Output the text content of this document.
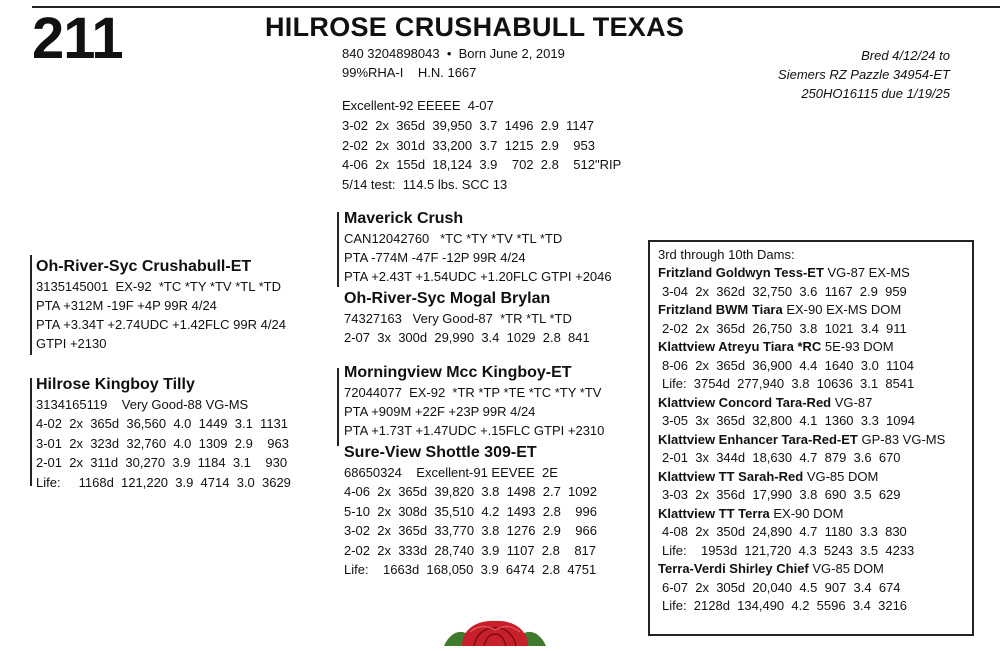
211	HILROSE CRUSHABULL TEXAS
840 3204898043  •  Born June 2, 2019
99%RHA-I    H.N. 1667
Excellent-92 EEEEE  4-07
3-02  2x  365d  39,950  3.7  1496  2.9  1147
2-02  2x  301d  33,200  3.7  1215  2.9    953
4-06  2x  155d  18,124  3.9    702  2.8    512"RIP
5/14 test:  114.5 lbs. SCC 13
Bred 4/12/24 to
Siemers RZ Pazzle 34954-ET
250HO16115 due 1/19/25
Oh-River-Syc Crushabull-ET
3135145001  EX-92  *TC *TY *TV *TL *TD
PTA +312M -19F +4P 99R 4/24
PTA +3.34T +2.74UDC +1.42FLC 99R 4/24
GTPI +2130
Maverick Crush
CAN12042760   *TC *TY *TV *TL *TD
PTA -774M -47F -12P 99R 4/24
PTA +2.43T +1.54UDC +1.20FLC GTPI +2046
Oh-River-Syc Mogal Brylan
74327163   Very Good-87  *TR *TL *TD
2-07  3x  300d  29,990  3.4  1029  2.8  841
Hilrose Kingboy Tilly
3134165119    Very Good-88 VG-MS
4-02  2x  365d  36,560  4.0  1449  3.1  1131
3-01  2x  323d  32,760  4.0  1309  2.9    963
2-01  2x  311d  30,270  3.9  1184  3.1    930
Life:     1168d  121,220  3.9  4714  3.0  3629
Morningview Mcc Kingboy-ET
72044077  EX-92  *TR *TP *TE *TC *TY *TV
PTA +909M +22F +23P 99R 4/24
PTA +1.73T +1.47UDC +.15FLC GTPI +2310
Sure-View Shottle 309-ET
68650324    Excellent-91 EEVEE  2E
4-06  2x  365d  39,820  3.8  1498  2.7  1092
5-10  2x  308d  35,510  4.2  1493  2.8    996
3-02  2x  365d  33,770  3.8  1276  2.9    966
2-02  2x  333d  28,740  3.9  1107  2.8    817
Life:    1663d  168,050  3.9  6474  2.8  4751
3rd through 10th Dams:
Fritzland Goldwyn Tess-ET VG-87 EX-MS
3-04  2x  362d  32,750  3.6  1167  2.9  959
Fritzland BWM Tiara EX-90 EX-MS DOM
2-02  2x  365d  26,750  3.8  1021  3.4  911
Klattview Atreyu Tiara *RC 5E-93 DOM
8-06  2x  365d  36,900  4.4  1640  3.0  1104
Life:  3754d  277,940  3.8  10636  3.1  8541
Klattview Concord Tara-Red VG-87
3-05  3x  365d  32,800  4.1  1360  3.3  1094
Klattview Enhancer Tara-Red-ET GP-83 VG-MS
2-01  3x  344d  18,630  4.7  879  3.6  670
Klattview TT Sarah-Red VG-85 DOM
3-03  2x  356d  17,990  3.8  690  3.5  629
Klattview TT Terra EX-90 DOM
4-08  2x  350d  24,890  4.7  1180  3.3  830
Life:    1953d  121,720  4.3  5243  3.5  4233
Terra-Verdi Shirley Chief VG-85 DOM
6-07  2x  305d  20,040  4.5  907  3.4  674
Life:  2128d  134,490  4.2  5596  3.4  3216
